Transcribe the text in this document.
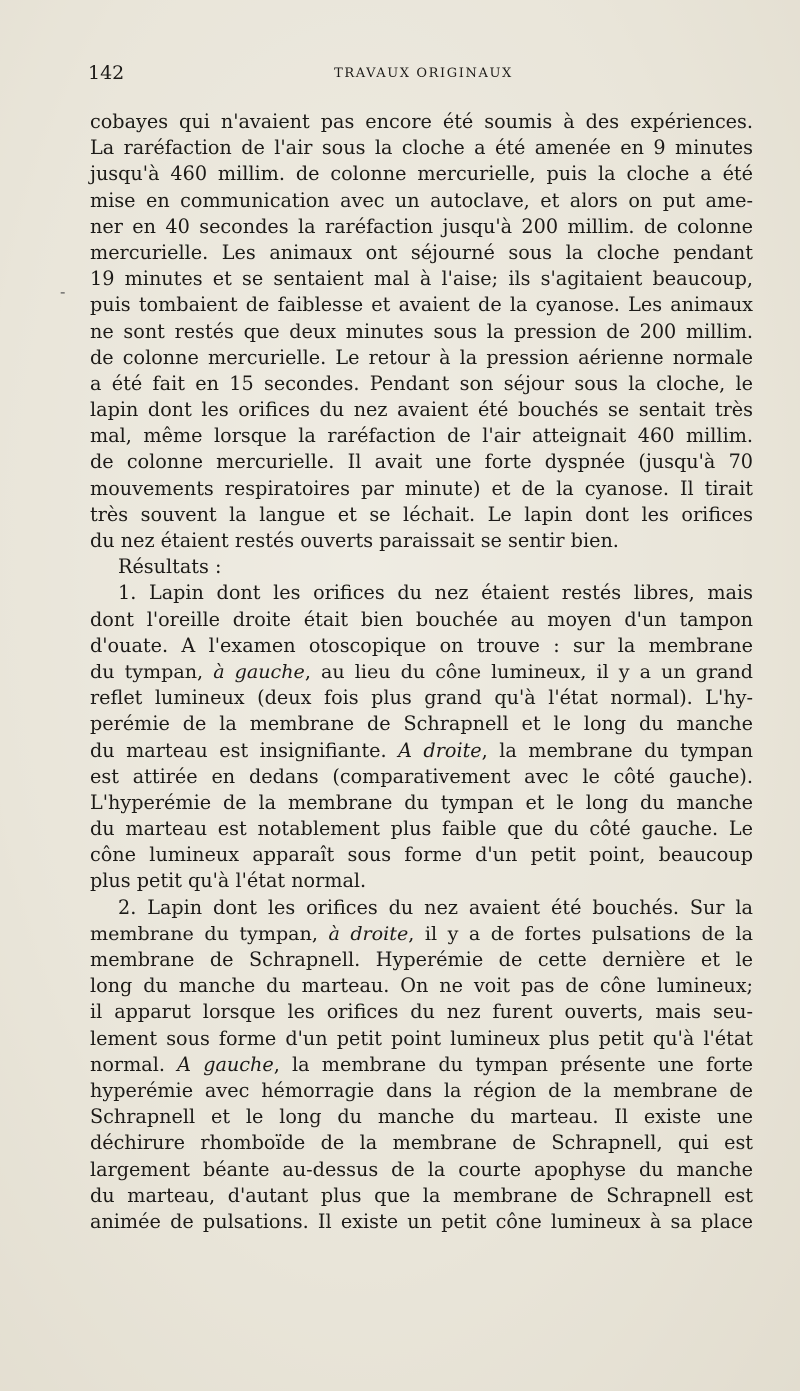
142	TRAVAUX ORIGINAUX
-
cobayes qui n'avaient pas encore été soumis à des expériences.
La raréfaction de l'air sous la cloche a été amenée en 9 minutes
jusqu'à 460 millim. de colonne mercurielle, puis la cloche a été
mise en communication avec un autoclave, et alors on put ame-
ner en 40 secondes la raréfaction jusqu'à 200 millim. de colonne
mercurielle. Les animaux ont séjourné sous la cloche pendant
19 minutes et se sentaient mal à l'aise; ils s'agitaient beaucoup,
puis tombaient de faiblesse et avaient de la cyanose. Les animaux
ne sont restés que deux minutes sous la pression de 200 millim.
de colonne mercurielle. Le retour à la pression aérienne normale
a été fait en 15 secondes. Pendant son séjour sous la cloche, le
lapin dont les orifices du nez avaient été bouchés se sentait très
mal, même lorsque la raréfaction de l'air atteignait 460 millim.
de colonne mercurielle. Il avait une forte dyspnée (jusqu'à 70
mouvements respiratoires par minute) et de la cyanose. Il tirait
très souvent la langue et se léchait. Le lapin dont les orifices
du nez étaient restés ouverts paraissait se sentir bien.
Résultats :
1. Lapin dont les orifices du nez étaient restés libres, mais
dont l'oreille droite était bien bouchée au moyen d'un tampon
d'ouate. A l'examen otoscopique on trouve : sur la membrane
du tympan, à gauche, au lieu du cône lumineux, il y a un grand
reflet lumineux (deux fois plus grand qu'à l'état normal). L'hy-
perémie de la membrane de Schrapnell et le long du manche
du marteau est insignifiante. A droite, la membrane du tympan
est attirée en dedans (comparativement avec le côté gauche).
L'hyperémie de la membrane du tympan et le long du manche
du marteau est notablement plus faible que du côté gauche. Le
cône lumineux apparaît sous forme d'un petit point, beaucoup
plus petit qu'à l'état normal.
2. Lapin dont les orifices du nez avaient été bouchés. Sur la
membrane du tympan, à droite, il y a de fortes pulsations de la
membrane de Schrapnell. Hyperémie de cette dernière et le
long du manche du marteau. On ne voit pas de cône lumineux;
il apparut lorsque les orifices du nez furent ouverts, mais seu-
lement sous forme d'un petit point lumineux plus petit qu'à l'état
normal. A gauche, la membrane du tympan présente une forte
hyperémie avec hémorragie dans la région de la membrane de
Schrapnell et le long du manche du marteau. Il existe une
déchirure rhomboïde de la membrane de Schrapnell, qui est
largement béante au-dessus de la courte apophyse du manche
du marteau, d'autant plus que la membrane de Schrapnell est
animée de pulsations. Il existe un petit cône lumineux à sa place
